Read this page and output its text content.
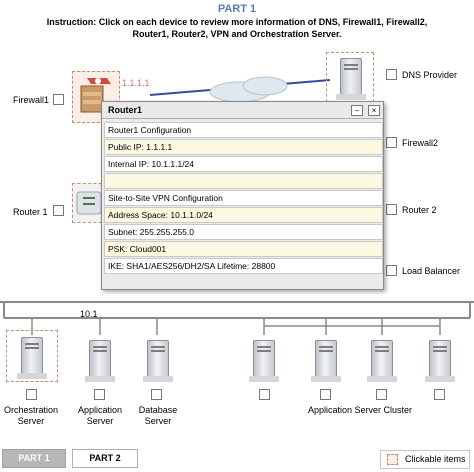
PART 1
Instruction: Click on each device to review more information of DNS, Firewall1, Firewall2, Router1, Router2, VPN and Orchestration Server.
1.1.1.1
Firewall1
Router 1
DNS Provider
Firewall2
Router 2
Load Balancer
10.1
Orchestration Server
Application Server
Database Server
Application Server Cluster
Router1	–	×
Router1 Configuration
Public IP: 1.1.1.1
Internal IP: 10.1.1.1/24
Site-to-Site VPN Configuration
Address Space: 10.1.1.0/24
Subnet: 255.255.255.0
PSK: Cloud001
IKE: SHA1/AES256/DH2/SA Lifetime: 28800
PART 1	PART 2	Clickable items
